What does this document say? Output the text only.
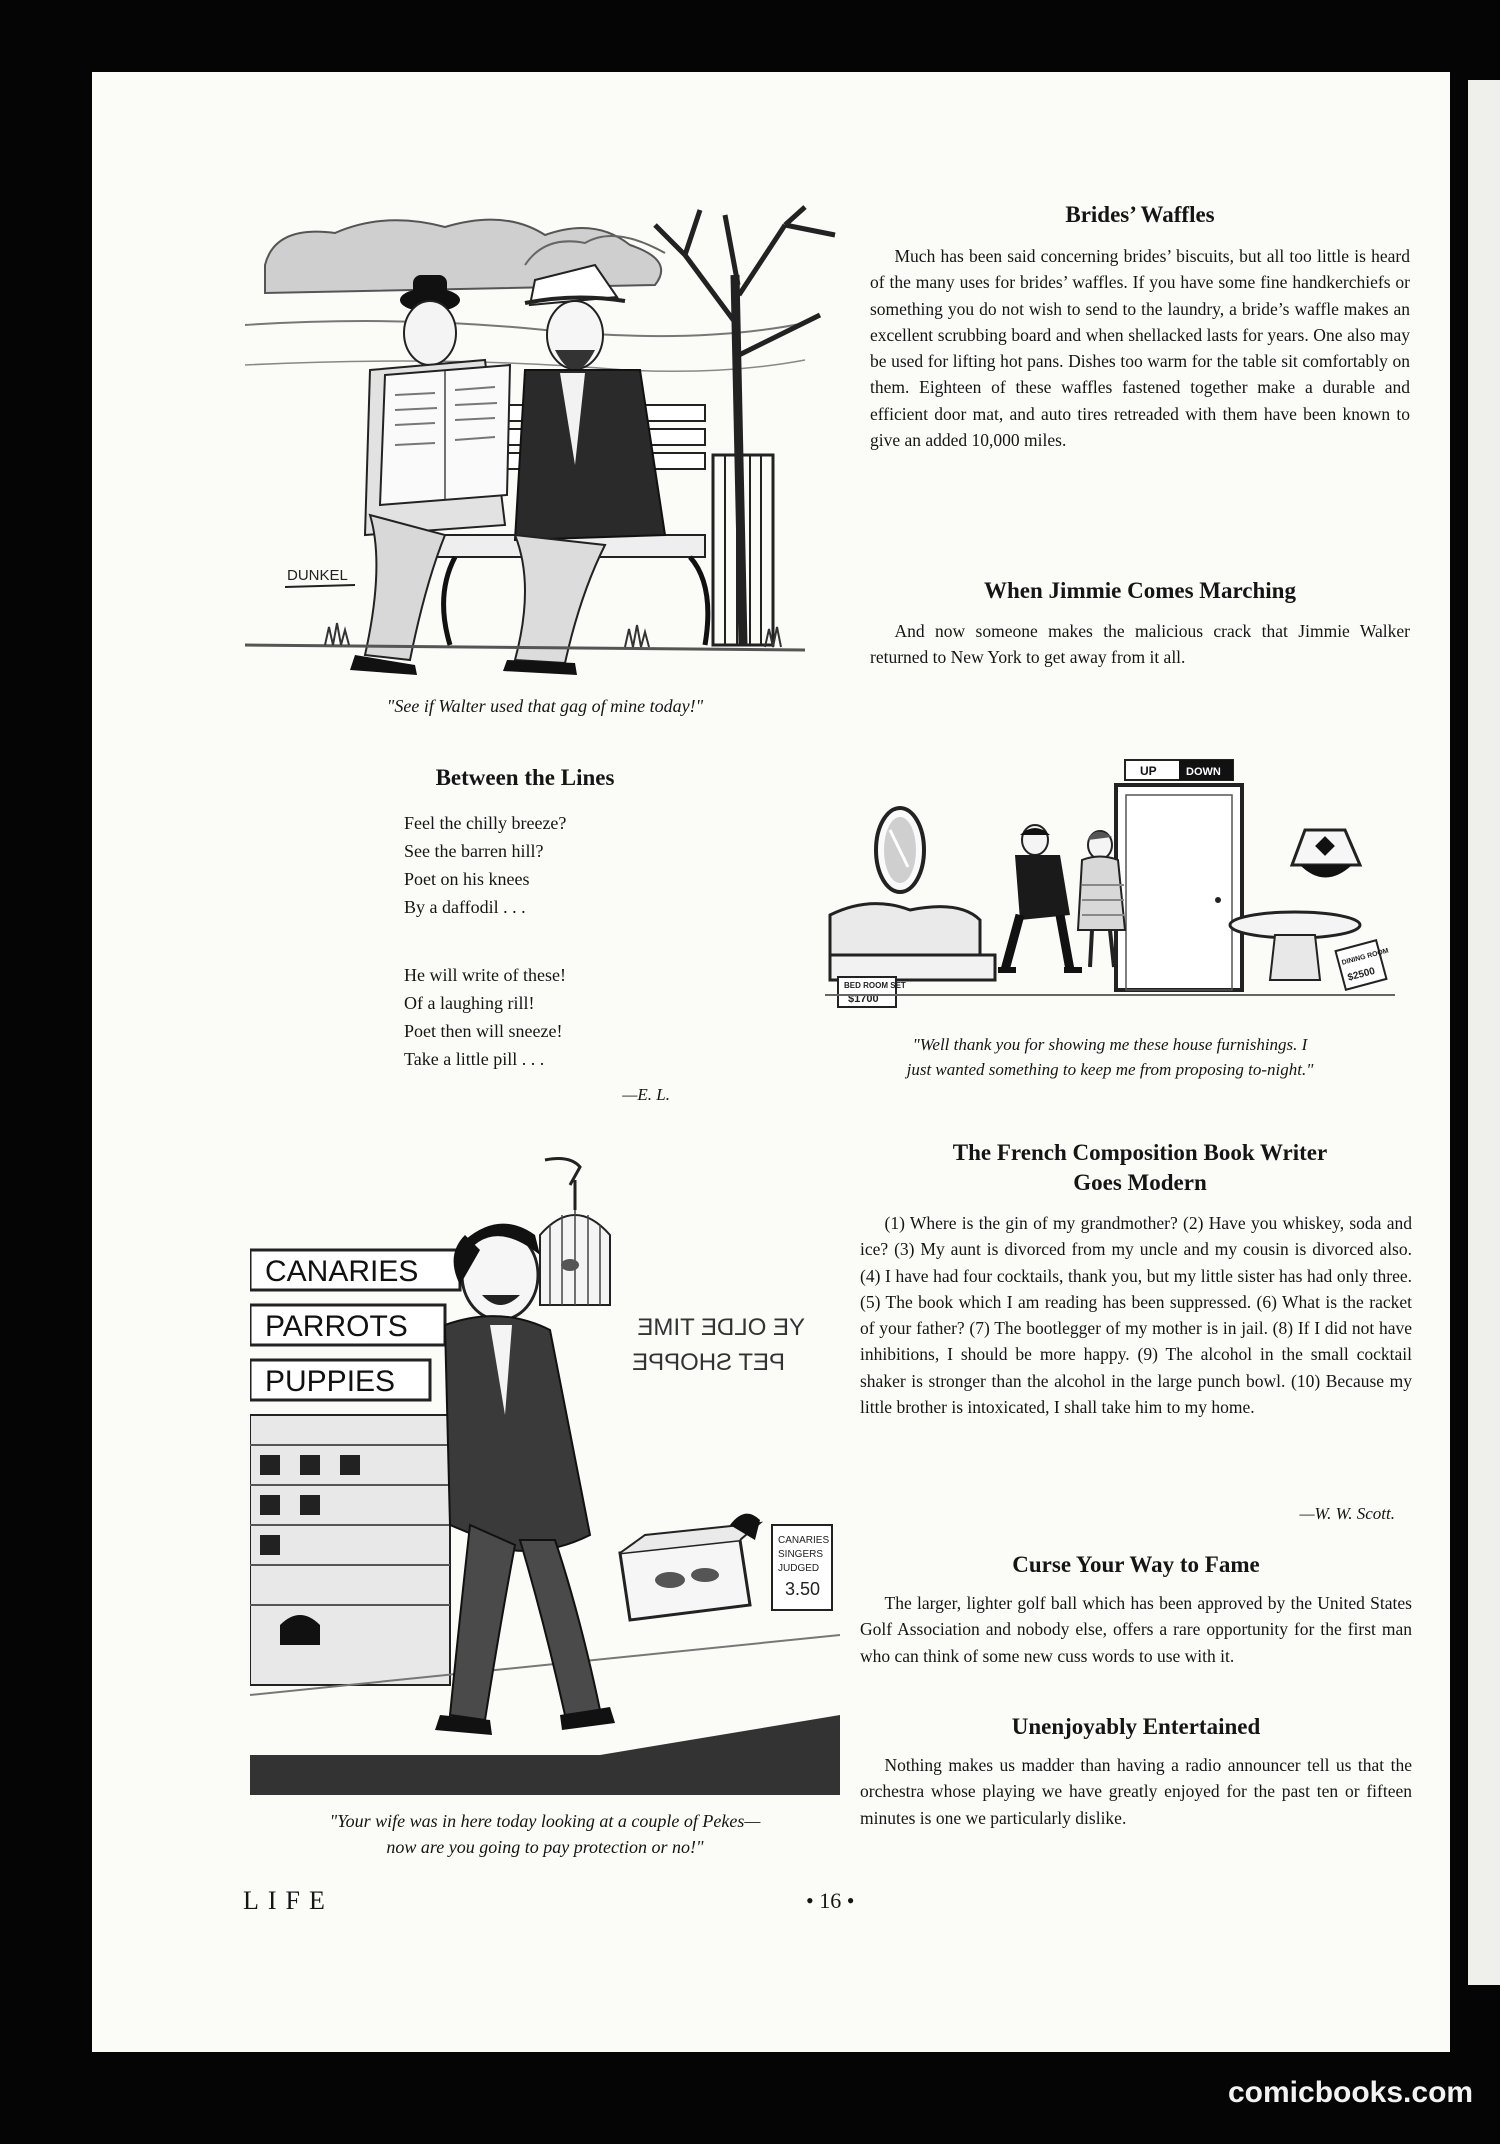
DUNKEL
"See if Walter used that gag of mine today!"
Brides’ Waffles

Much has been said concerning brides’ biscuits, but all too little is heard of the many uses for brides’ waffles. If you have some fine handkerchiefs or something you do not wish to send to the laundry, a bride’s waffle makes an excellent scrubbing board and when shellacked lasts for years. One also may be used for lifting hot pans. Dishes too warm for the table sit comfortably on them. Eighteen of these waffles fastened together make a durable and efficient door mat, and auto tires retreaded with them have been known to give an added 10,000 miles.

When Jimmie Comes Marching

And now someone makes the malicious crack that Jimmie Walker returned to New York to get away from it all.

Between the Lines
Feel the chilly breeze?
See the barren hill?
Poet on his knees
By a daffodil . . .
He will write of these!
Of a laughing rill!
Poet then will sneeze!
Take a little pill . . .
—E. L.
UP	DOWN
BED ROOM SET
$1700
DINING ROOM
$2500
"Well thank you for showing me these house furnishings. I
just wanted something to keep me from proposing to-night."
The French Composition Book Writer
Goes Modern

(1) Where is the gin of my grandmother? (2) Have you whiskey, soda and ice? (3) My aunt is divorced from my uncle and my cousin is divorced also. (4) I have had four cocktails, thank you, but my little sister has had only three. (5) The book which I am reading has been suppressed. (6) What is the racket of your father? (7) The bootlegger of my mother is in jail. (8) If I did not have inhibitions, I should be more happy. (9) The alcohol in the small cocktail shaker is stronger than the alcohol in the large punch bowl. (10) Because my little brother is intoxicated, I shall take him to my home.

—W. W. Scott.
Curse Your Way to Fame

The larger, lighter golf ball which has been approved by the United States Golf Association and nobody else, offers a rare opportunity for the first man who can think of some new cuss words to use with it.

Unenjoyably Entertained

Nothing makes us madder than having a radio announcer tell us that the orchestra whose playing we have greatly enjoyed for the past ten or fifteen minutes is one we particularly dislike.

CANARIES
PARROTS
PUPPIES
YE OLDE TIME
PET SHOPPE
CANARIES
SINGERS
JUDGED
3.50
"Your wife was in here today looking at a couple of Pekes—
now are you going to pay protection or no!"
LIFE	• 16 •
comicbooks.com
